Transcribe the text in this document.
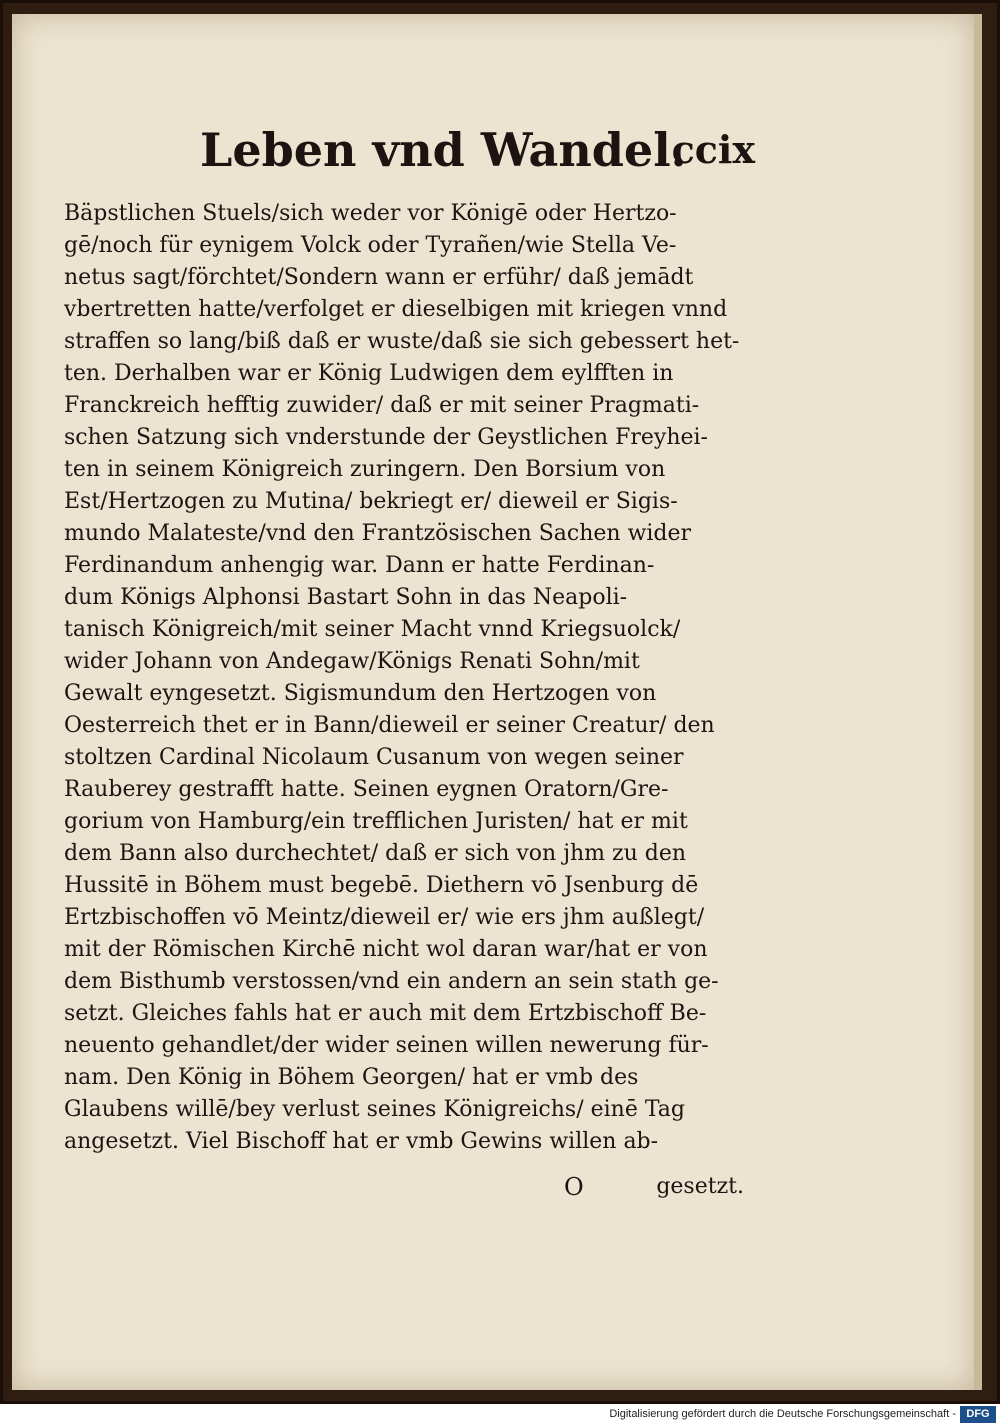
Leben vnd Wandel.
ccix
Bäpstlichen Stuels/sich weder vor Königē oder Hertzo-
gē/noch für eynigem Volck oder Tyrañen/wie Stella Ve-
netus sagt/förchtet/Sondern wann er erführ/ daß jemādt
vbertretten hatte/verfolget er dieselbigen mit kriegen vnnd
straffen so lang/biß daß er wuste/daß sie sich gebessert het-
ten. Derhalben war er König Ludwigen dem eylfften in
Franckreich hefftig zuwider/ daß er mit seiner Pragmati-
schen Satzung sich vnderstunde der Geystlichen Freyhei-
ten in seinem Königreich zuringern. Den Borsium von
Est/Hertzogen zu Mutina/ bekriegt er/ dieweil er Sigis-
mundo Malateste/vnd den Frantzösischen Sachen wider
Ferdinandum anhengig war. Dann er hatte Ferdinan-
dum Königs Alphonsi Bastart Sohn in das Neapoli-
tanisch Königreich/mit seiner Macht vnnd Kriegsuolck/
wider Johann von Andegaw/Königs Renati Sohn/mit
Gewalt eyngesetzt. Sigismundum den Hertzogen von
Oesterreich thet er in Bann/dieweil er seiner Creatur/ den
stoltzen Cardinal Nicolaum Cusanum von wegen seiner
Rauberey gestrafft hatte. Seinen eygnen Oratorn/Gre-
gorium von Hamburg/ein trefflichen Juristen/ hat er mit
dem Bann also durchechtet/ daß er sich von jhm zu den
Hussitē in Böhem must begebē. Diethern vō Jsenburg dē
Ertzbischoffen vō Meintz/dieweil er/ wie ers jhm außlegt/
mit der Römischen Kirchē nicht wol daran war/hat er von
dem Bisthumb verstossen/vnd ein andern an sein stath ge-
setzt. Gleiches fahls hat er auch mit dem Ertzbischoff Be-
neuento gehandlet/der wider seinen willen newerung für-
nam. Den König in Böhem Georgen/ hat er vmb des
Glaubens willē/bey verlust seines Königreichs/ einē Tag
angesetzt. Viel Bischoff hat er vmb Gewins willen ab-
O	gesetzt.
Digitalisierung gefördert durch die Deutsche Forschungsgemeinschaft - DFG
